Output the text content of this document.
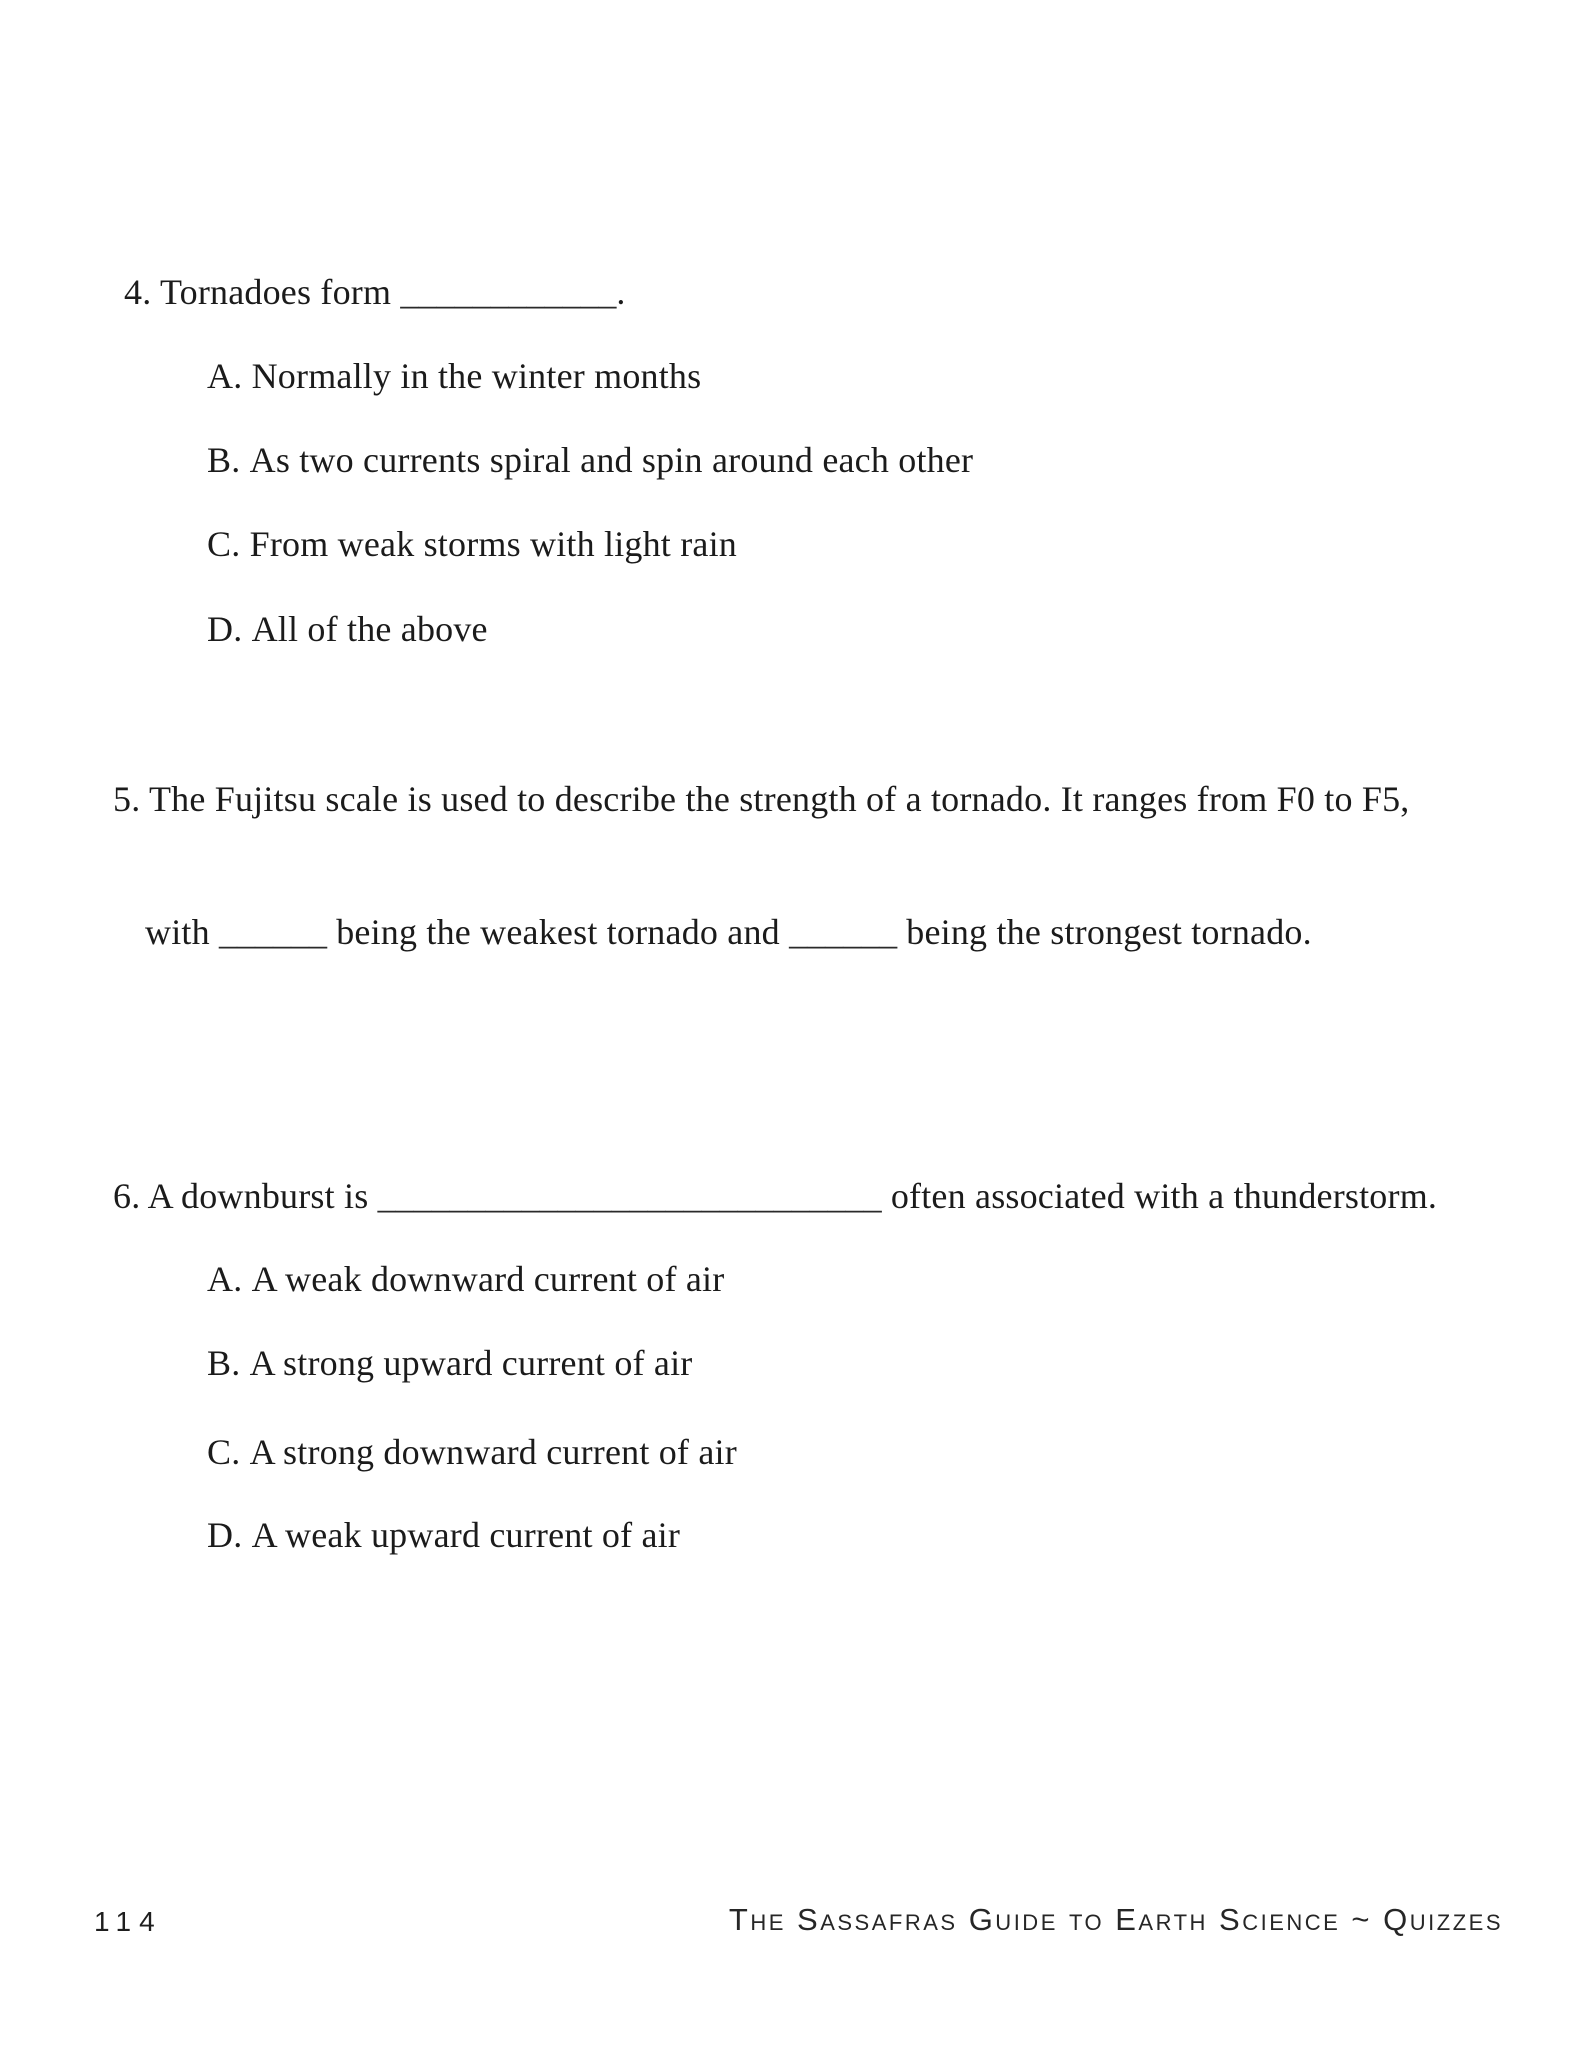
4. Tornadoes form ____________.
A. Normally in the winter months
B. As two currents spiral and spin around each other
C. From weak storms with light rain
D. All of the above
5. The Fujitsu scale is used to describe the strength of a tornado. It ranges from F0 to F5,
with ______ being the weakest tornado and ______ being the strongest tornado.
6. A downburst is ____________________________ often associated with a thunderstorm.
A. A weak downward current of air
B. A strong upward current of air
C. A strong downward current of air
D. A weak upward current of air
114	The Sassafras Guide to Earth Science ~ Quizzes
